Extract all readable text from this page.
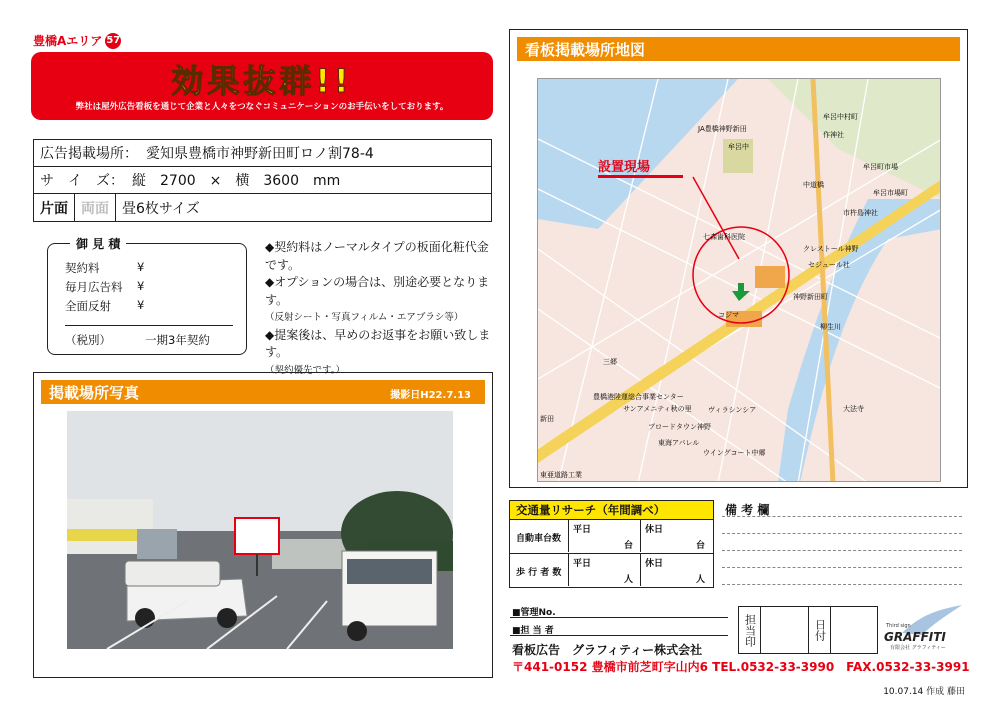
豊橋Aエリア 57
効果抜群!!
弊社は屋外広告看板を通じて企業と人々をつなぐコミュニケーションのお手伝いをしております。
広告掲載場所： 愛知県豊橋市神野新田町ロノ割78-4
サ　イ　ズ： 縦　2700　×　横　3600　mm
片面 両面 畳6枚サイズ
契約料	¥
毎月広告料	¥
全面反射	¥
（税別）	一期3年契約
御 見 積	◆契約料はノーマルタイプの板面化粧代金です。
◆オプションの場合は、別途必要となります。
（反射シート・写真フィルム・エアブラシ等）
◆提案後は、早めのお返事をお願い致します。
（契約優先です。）
掲載場所写真	撮影日H22.7.13
看板掲載場所地図
設置現場
JA豊橋神野新田
牟呂中
牟呂中村町
牟呂町市場
作神社
中道橋
牟呂市場町
市杵島神社
七森歯科医院
クレストール神野
セジュール社
神野新田町
柳生川
コジマ
三郷
豊橋港陸運総合事業センター
サンアメニティ秋の里 ヴィラシンシア
ブロードタウン神野
東海アパレル
ウイングコート中郷
大法寺
東亜道路工業
新田
交通量リサーチ（年間調べ）
自動車台数
平日
台
休日
台
歩 行 者 数
平日
人
休日
人
備 考 欄
■管理No.
■担 当 者	担当印	日付	Third sign
GRAFFITI
有限会社 グラフィティー
看板広告　グラフィティー株式会社
〒441-0152 豊橋市前芝町字山内6 TEL.0532-33-3990　FAX.0532-33-3991
10.07.14 作成 藤田
